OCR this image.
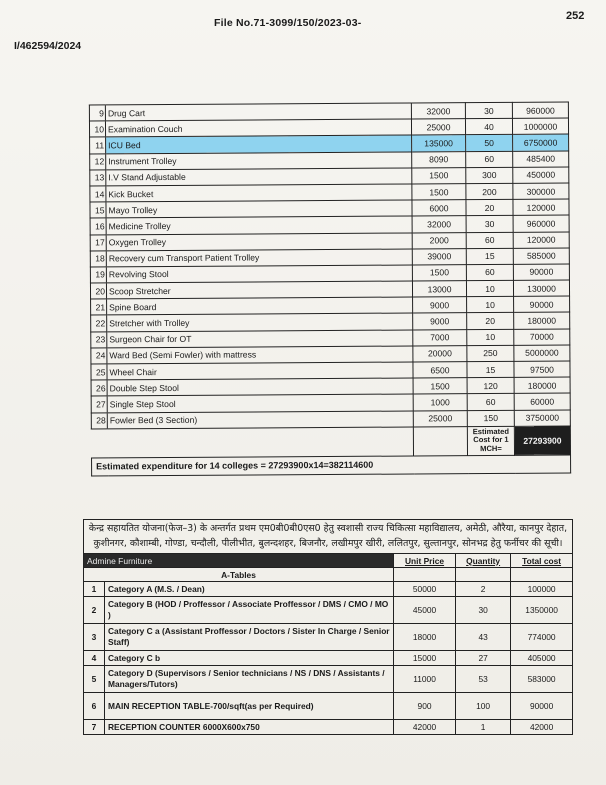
File No.71-3099/150/2023-03-
252
I/462594/2024
9	Drug Cart	32000	30	960000
10	Examination Couch	25000	40	1000000
11	ICU Bed	135000	50	6750000
12	Instrument Trolley	8090	60	485400
13	I.V Stand Adjustable	1500	300	450000
14	Kick Bucket	1500	200	300000
15	Mayo Trolley	6000	20	120000
16	Medicine Trolley	32000	30	960000
17	Oxygen Trolley	2000	60	120000
18	Recovery cum Transport Patient Trolley	39000	15	585000
19	Revolving Stool	1500	60	90000
20	Scoop Stretcher	13000	10	130000
21	Spine Board	9000	10	90000
22	Stretcher with Trolley	9000	20	180000
23	Surgeon Chair for OT	7000	10	70000
24	Ward Bed (Semi Fowler) with mattress	20000	250	5000000
25	Wheel Chair	6500	15	97500
26	Double Step Stool	1500	120	180000
27	Single Step Stool	1000	60	60000
28	Fowler Bed (3 Section)	25000	150	3750000
			Estimated Cost for 1 MCH=	27293900
Estimated expenditure for 14 colleges = 27293900x14=382114600				
केन्द्र सहायतित योजना(फेज–3) के अन्तर्गत प्रथम एम0बी0बी0एस0 हेतु स्वशासी राज्य चिकित्सा महाविद्यालय, अमेठी, औरैया, कानपुर देहात, कुशीनगर, कौशाम्बी, गोण्डा, चन्दौली, पीलीभीत, बुलन्दशहर, बिजनौर, लखीमपुर खीरी, ललितपुर, सुल्तानपुर, सोनभद्र हेतु फर्नीचर की सूची।				
Admine Furniture		Unit Price	Quantity	Total cost
A-Tables				
1	Category A (M.S. / Dean)	50000	2	100000
2	Category B (HOD / Proffessor / Associate Proffessor / DMS / CMO / MO )	45000	30	1350000
3	Category C a (Assistant Proffessor / Doctors / Sister In Charge / Senior Staff)	18000	43	774000
4	Category C b	15000	27	405000
5	Category D (Supervisors / Senior technicians / NS / DNS / Assistants / Managers/Tutors)	11000	53	583000
6	MAIN RECEPTION TABLE-700/sqft(as per Required)	900	100	90000
7	RECEPTION COUNTER 6000X600x750	42000	1	42000
